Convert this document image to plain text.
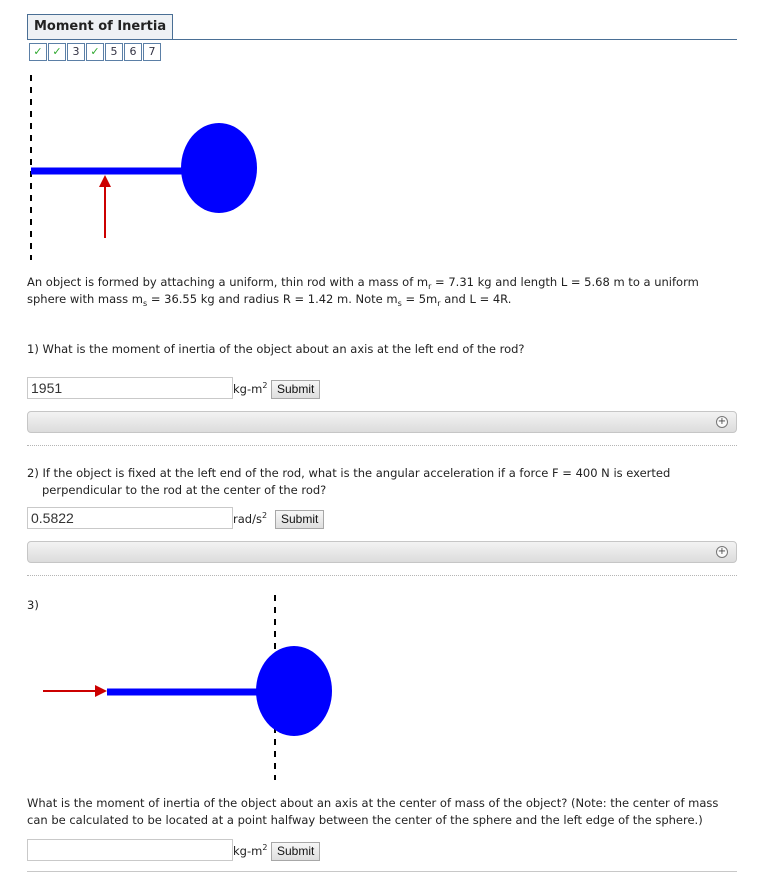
Moment of Inertia
✓ ✓ 3 ✓ 5	6	7
An object is formed by attaching a uniform, thin rod with a mass of $m_r = 7.31$ kg and length L = 5.68 m to a uniform
sphere with mass $m_s = 36.55$ kg and radius R = 1.42 m. Note $m_s = 5m_r$ and L = 4R.
1) What is the moment of inertia of the object about an axis at the left end of the rod?
1951
$kg-m^2$ Submit
+
2) If the object is fixed at the left end of the rod, what is the angular acceleration if a force F = 400 N is exerted
perpendicular to the rod at the center of the rod?
0.5822
rad/$s^2$	Submit
+
3)
What is the moment of inertia of the object about an axis at the center of mass of the object? (Note: the center of mass
can be calculated to be located at a point halfway between the center of the sphere and the left edge of the sphere.)
$kg-m^2$ Submit
